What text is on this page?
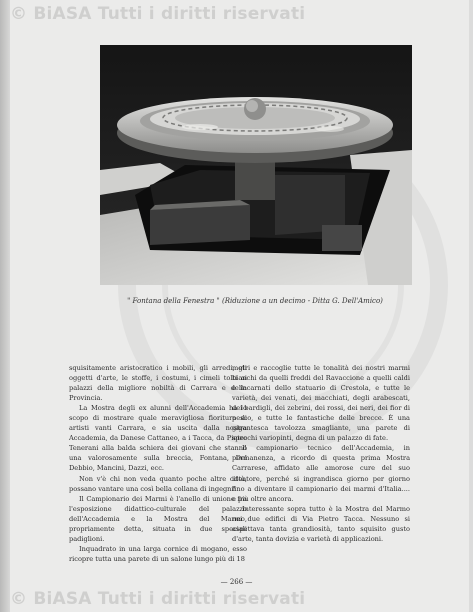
© BiASA Tutti i diritti riservati
" Fontana della Fenestra " (Riduzione a un decimo - Ditta G. Dell'Amico)

squisitamente aristocratico i mobili, gli arredi, gli oggetti d'arte, le stoffe, i costumi, i cimeli tolti ai palazzi della migliore nobiltà di Carrara e della Provincia.

La Mostra degli ex alunni dell'Accademia ha lo scopo di mostrare quale meravigliosa fioritura di artisti vanti Carrara, e sia uscita dalla nostra Accademia, da Danese Cattaneo, a i Tacca, da Pietro Tenerani alla balda schiera dei giovani che stanno una valorosamente sulla breccia, Fontana, Del Debbio, Mancini, Dazzi, ecc.

Non v'è chi non veda quanto poche altre città, possano vantare una così bella collana di ingegni!

Il Campionario dei Marmi è l'anello di unione fra l'esposizione didattico-culturale del palazzo dell'Accademia e la Mostra del Marmo, propriamente detta, situata in due speciali padiglioni.

Inquadrato in una larga cornice di mogano, esso ricopre tutta una parete di un salone lungo più di 18

metri e raccoglie tutte le tonalità dei nostri marmi bianchi da quelli freddi del Ravaccione a quelli caldi e incarnati dello statuario di Crestola, e tutte le varietà, dei venati, dei macchiati, degli arabescati, dei bardigli, dei zebrini, dei rossi, dei neri, dei fior di pesco, e tutte le fantastiche delle brecce. È una gigantesca tavolozza smagliante, una parete di specchi variopinti, degna di un palazzo di fate.

Il campionario tecnico dell'Accademia, in permanenza, a ricordo di questa prima Mostra Carrarese, affidato alle amorose cure del suo ideatore, perché si ingrandisca giorno per giorno fino a diventare il campionario dei marmi d'Italia.... e più oltre ancora.

Interessante sopra tutto è la Mostra del Marmo nei due edifici di Via Pietro Tacca. Nessuno si aspettava tanta grandiosità, tanto squisito gusto d'arte, tanta dovizia e varietà di applicazioni.

— 266 —
© BiASA Tutti i diritti riservati
